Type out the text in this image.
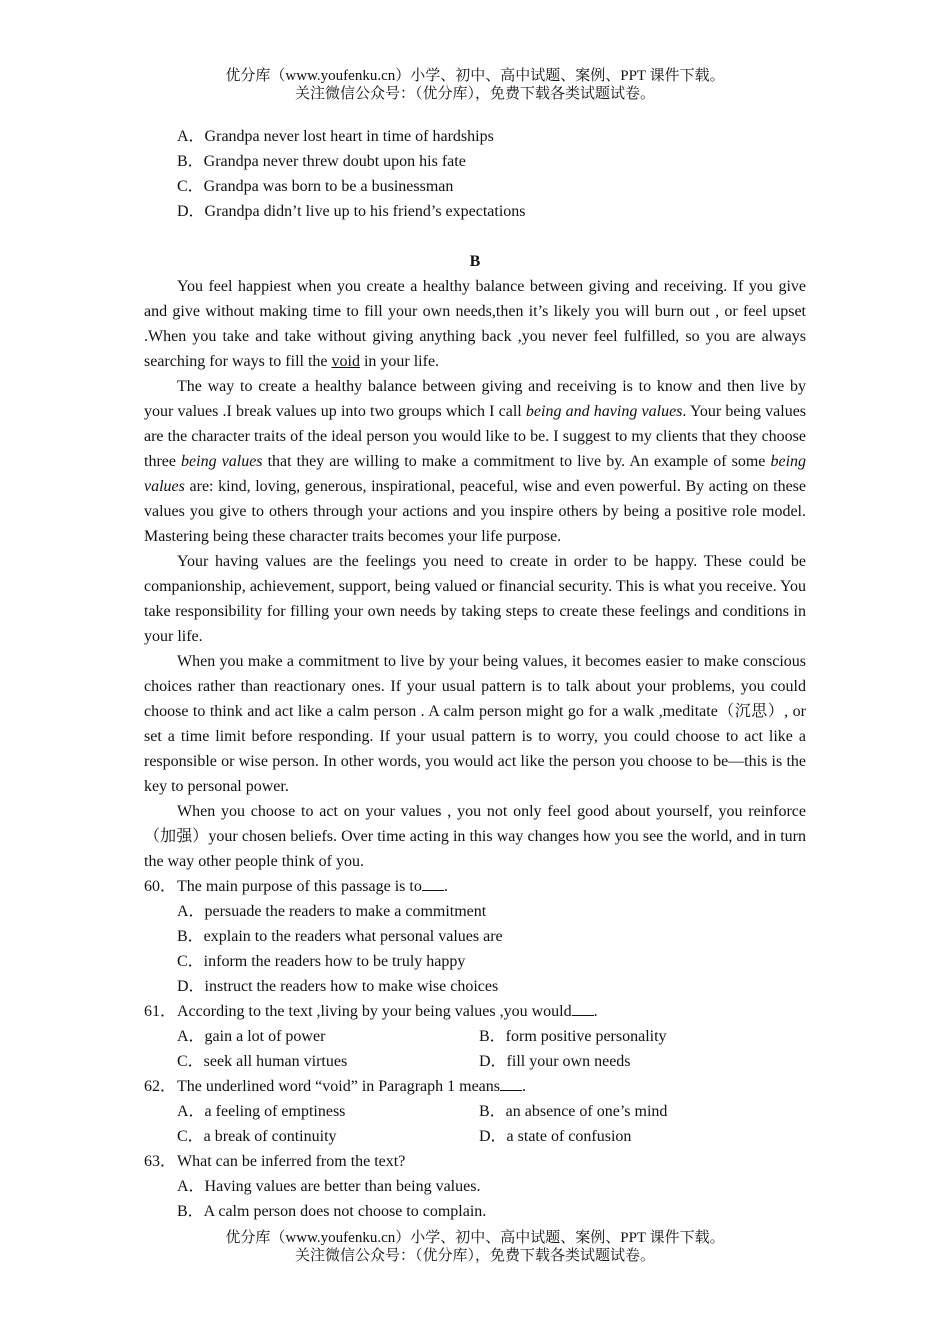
优分库（www.youfenku.cn）小学、初中、高中试题、案例、PPT 课件下载。
关注微信公众号：（优分库），免费下载各类试题试卷。
A．Grandpa never lost heart in time of hardships
B．Grandpa never threw doubt upon his fate
C．Grandpa was born to be a businessman
D．Grandpa didn’t live up to his friend’s expectations
B

You feel happiest when you create a healthy balance between giving and receiving. If you give and give without making time to fill your own needs,then it’s likely you will burn out , or feel upset .When you take and take without giving anything back ,you never feel fulfilled, so you are always searching for ways to fill the void in your life.

The way to create a healthy balance between giving and receiving is to know and then live by your values .I break values up into two groups which I call being and having values. Your being values are the character traits of the ideal person you would like to be. I suggest to my clients that they choose three being values that they are willing to make a commitment to live by. An example of some being values are: kind, loving, generous, inspirational, peaceful, wise and even powerful. By acting on these values you give to others through your actions and you inspire others by being a positive role model. Mastering being these character traits becomes your life purpose.

Your having values are the feelings you need to create in order to be happy. These could be companionship, achievement, support, being valued or financial security. This is what you receive. You take responsibility for filling your own needs by taking steps to create these feelings and conditions in your life.

When you make a commitment to live by your being values, it becomes easier to make conscious choices rather than reactionary ones. If your usual pattern is to talk about your problems, you could choose to think and act like a calm person . A calm person might go for a walk ,meditate（沉思）, or set a time limit before responding. If your usual pattern is to worry, you could choose to act like a responsible or wise person. In other words, you would act like the person you choose to be—this is the key to personal power.

When you choose to act on your values , you not only feel good about yourself, you reinforce（加强）your chosen beliefs. Over time acting in this way changes how you see the world, and in turn the way other people think of you.

60． The main purpose of this passage is to .
A．persuade the readers to make a commitment
B．explain to the readers what personal values are
C．inform the readers how to be truly happy
D．instruct the readers how to make wise choices
61． According to the text ,living by your being values ,you would .
A．gain a lot of power	B．form positive personality
C．seek all human virtues	D．fill your own needs
62． The underlined word “void” in Paragraph 1 means .
A．a feeling of emptiness	B．an absence of one’s mind
C．a break of continuity	D．a state of confusion
63． What can be inferred from the text?
A．Having values are better than being values.
B．A calm person does not choose to complain.
优分库（www.youfenku.cn）小学、初中、高中试题、案例、PPT 课件下载。
关注微信公众号：（优分库），免费下载各类试题试卷。
